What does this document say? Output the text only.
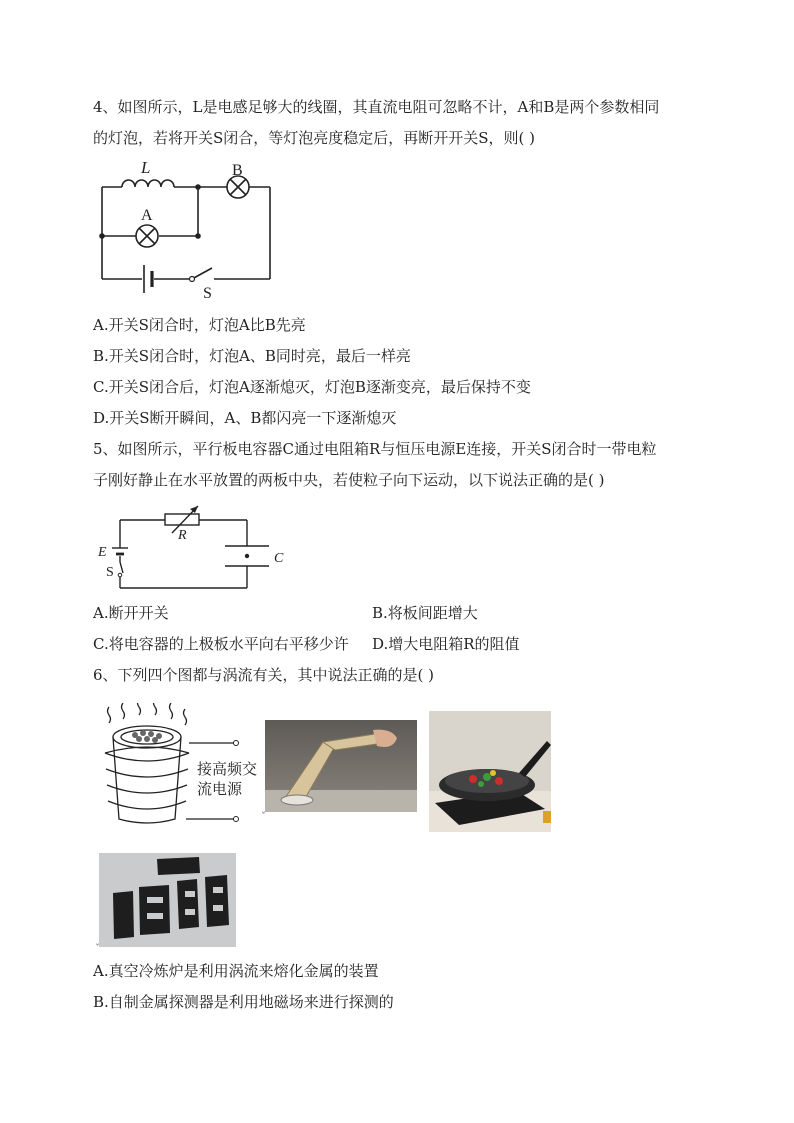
4、如图所示，L是电感足够大的线圈，其直流电阻可忽略不计，A和B是两个参数相同
的灯泡，若将开关S闭合，等灯泡亮度稳定后，再断开开关S，则( )
L	B
A
S
A.开关S闭合时，灯泡A比B先亮
B.开关S闭合时，灯泡A、B同时亮，最后一样亮
C.开关S闭合后，灯泡A逐渐熄灭，灯泡B逐渐变亮，最后保持不变
D.开关S断开瞬间，A、B都闪亮一下逐渐熄灭
5、如图所示，平行板电容器C通过电阻箱R与恒压电源E连接，开关S闭合时一带电粒
子刚好静止在水平放置的两板中央，若使粒子向下运动，以下说法正确的是( )
R
E
S
C
A.断开开关	B.将板间距增大
C.将电容器的上极板水平向右平移少许 D.增大电阻箱R的阻值
6、下列四个图都与涡流有关，其中说法正确的是( )
接高频交
流电源
ˇ
ˇ
A.真空冷炼炉是利用涡流来熔化金属的装置
B.自制金属探测器是利用地磁场来进行探测的
